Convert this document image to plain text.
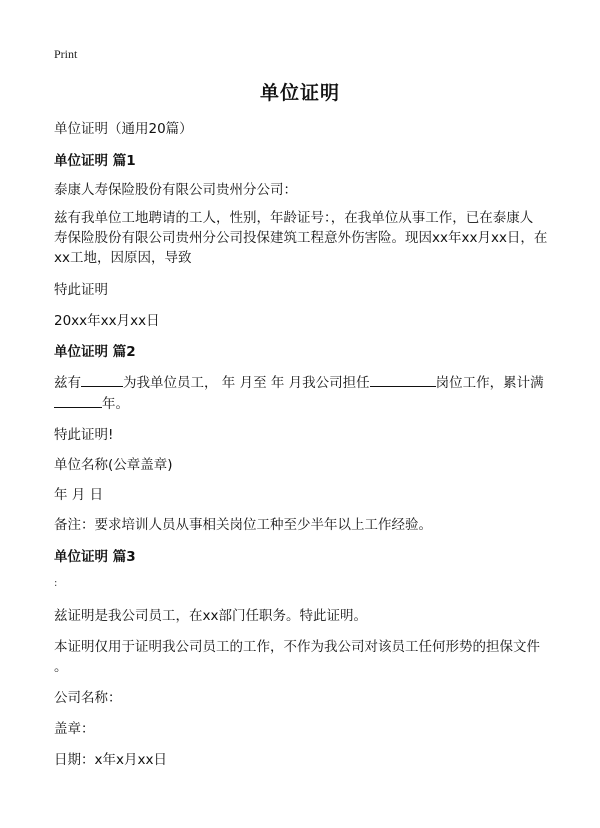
Print
单位证明
单位证明（通用20篇）
单位证明 篇1
泰康人寿保险股份有限公司贵州分公司：
兹有我单位工地聘请的工人，性别，年龄证号：，在我单位从事工作，已在泰康人
寿保险股份有限公司贵州分公司投保建筑工程意外伤害险。现因xx年xx月xx日，在
xx工地，因原因，导致
特此证明
20xx年xx月xx日
单位证明 篇2
兹有	为我单位员工， 年 月至 年 月我公司担任	岗位工作，累计满
年。
特此证明!
单位名称(公章盖章)
年 月 日
备注：要求培训人员从事相关岗位工种至少半年以上工作经验。
单位证明 篇3
:
兹证明是我公司员工，在xx部门任职务。特此证明。
本证明仅用于证明我公司员工的工作，不作为我公司对该员工任何形势的担保文件
。
公司名称：
盖章：
日期：x年x月xx日
